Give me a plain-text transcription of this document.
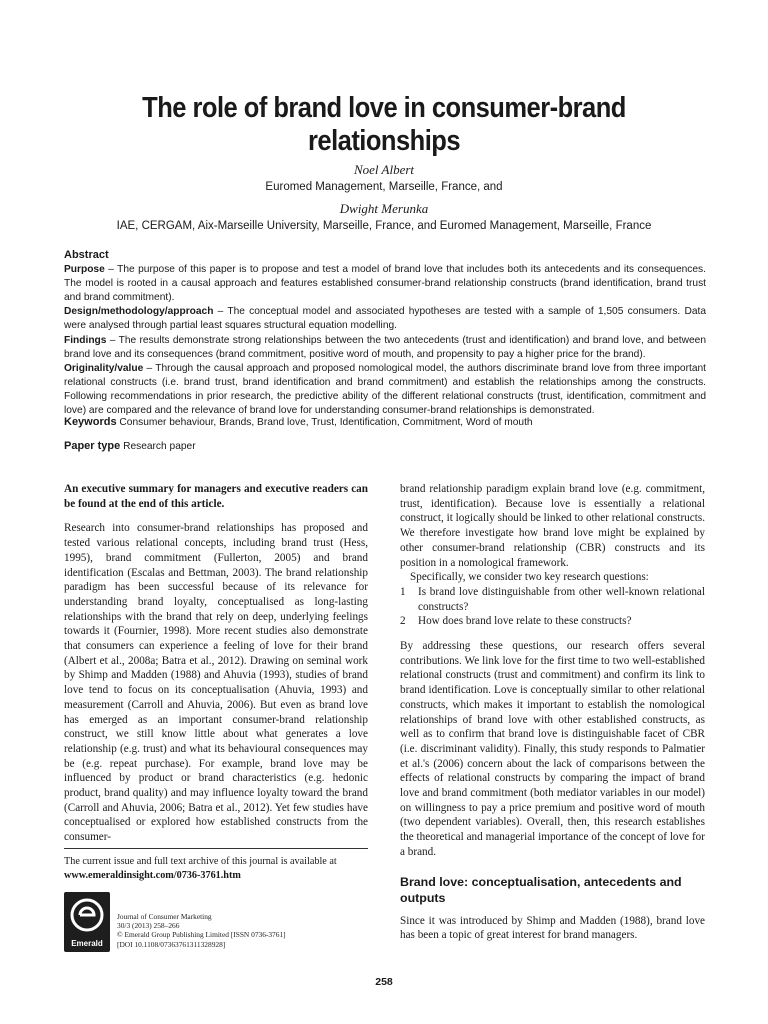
The role of brand love in consumer-brand relationships
Noel Albert
Euromed Management, Marseille, France, and
Dwight Merunka
IAE, CERGAM, Aix-Marseille University, Marseille, France, and Euromed Management, Marseille, France

Abstract

Purpose – The purpose of this paper is to propose and test a model of brand love that includes both its antecedents and its consequences. The model is rooted in a causal approach and features established consumer-brand relationship constructs (brand identification, brand trust and brand commitment).

Design/methodology/approach – The conceptual model and associated hypotheses are tested with a sample of 1,505 consumers. Data were analysed through partial least squares structural equation modelling.

Findings – The results demonstrate strong relationships between the two antecedents (trust and identification) and brand love, and between brand love and its consequences (brand commitment, positive word of mouth, and propensity to pay a higher price for the brand).

Originality/value – Through the causal approach and proposed nomological model, the authors discriminate brand love from three important relational constructs (i.e. brand trust, brand identification and brand commitment) and establish the relationships among the constructs. Following recommendations in prior research, the predictive ability of the different relational constructs (trust, identification, commitment and love) are compared and the relevance of brand love for understanding consumer-brand relationships is demonstrated.

Keywords Consumer behaviour, Brands, Brand love, Trust, Identification, Commitment, Word of mouth
Paper type Research paper

An executive summary for managers and executive readers can be found at the end of this article.

Research into consumer-brand relationships has proposed and tested various relational concepts, including brand trust (Hess, 1995), brand commitment (Fullerton, 2005) and brand identification (Escalas and Bettman, 2003). The brand relationship paradigm has been successful because of its relevance for understanding brand loyalty, conceptualised as long-lasting relationships with the brand that rely on deep, underlying feelings towards it (Fournier, 1998). More recent studies also demonstrate that consumers can experience a feeling of love for their brand (Albert et al., 2008a; Batra et al., 2012). Drawing on seminal work by Shimp and Madden (1988) and Ahuvia (1993), studies of brand love tend to focus on its conceptualisation (Ahuvia, 1993) and measurement (Carroll and Ahuvia, 2006). But even as brand love has emerged as an important consumer-brand relationship construct, we still know little about what generates a love relationship (e.g. trust) and what its behavioural consequences may be (e.g. repeat purchase). For example, brand love may be influenced by product or brand characteristics (e.g. hedonic product, brand quality) and may influence loyalty toward the brand (Carroll and Ahuvia, 2006; Batra et al., 2012). Yet few studies have conceptualised or explored how established constructs from the consumer-

brand relationship paradigm explain brand love (e.g. commitment, trust, identification). Because love is essentially a relational construct, it logically should be linked to other relational constructs. We therefore investigate how brand love might be explained by other consumer-brand relationship (CBR) constructs and its position in a nomological framework.

Specifically, we consider two key research questions:

1	Is brand love distinguishable from other well-known relational constructs?
2	How does brand love relate to these constructs?

By addressing these questions, our research offers several contributions. We link love for the first time to two well-established relational constructs (trust and commitment) and confirm its link to brand identification. Love is conceptually similar to other relational constructs, which makes it important to establish the nomological relationships of brand love with other established constructs, as well as to confirm that brand love is distinguishable facet of CBR (i.e. discriminant validity). Finally, this study responds to Palmatier et al.'s (2006) concern about the lack of comparisons between the effects of relational constructs by comparing the impact of brand love and brand commitment (both mediator variables in our model) on willingness to pay a price premium and positive word of mouth (two dependent variables). Overall, then, this research establishes the theoretical and managerial importance of the concept of love for a brand.

Brand love: conceptualisation, antecedents and outputs

Since it was introduced by Shimp and Madden (1988), brand love has been a topic of great interest for brand managers.

The current issue and full text archive of this journal is available at
www.emeraldinsight.com/0736-3761.htm
Emerald
Journal of Consumer Marketing
30/3 (2013) 258–266
© Emerald Group Publishing Limited [ISSN 0736-3761]
[DOI 10.1108/07363761311328928]
258
